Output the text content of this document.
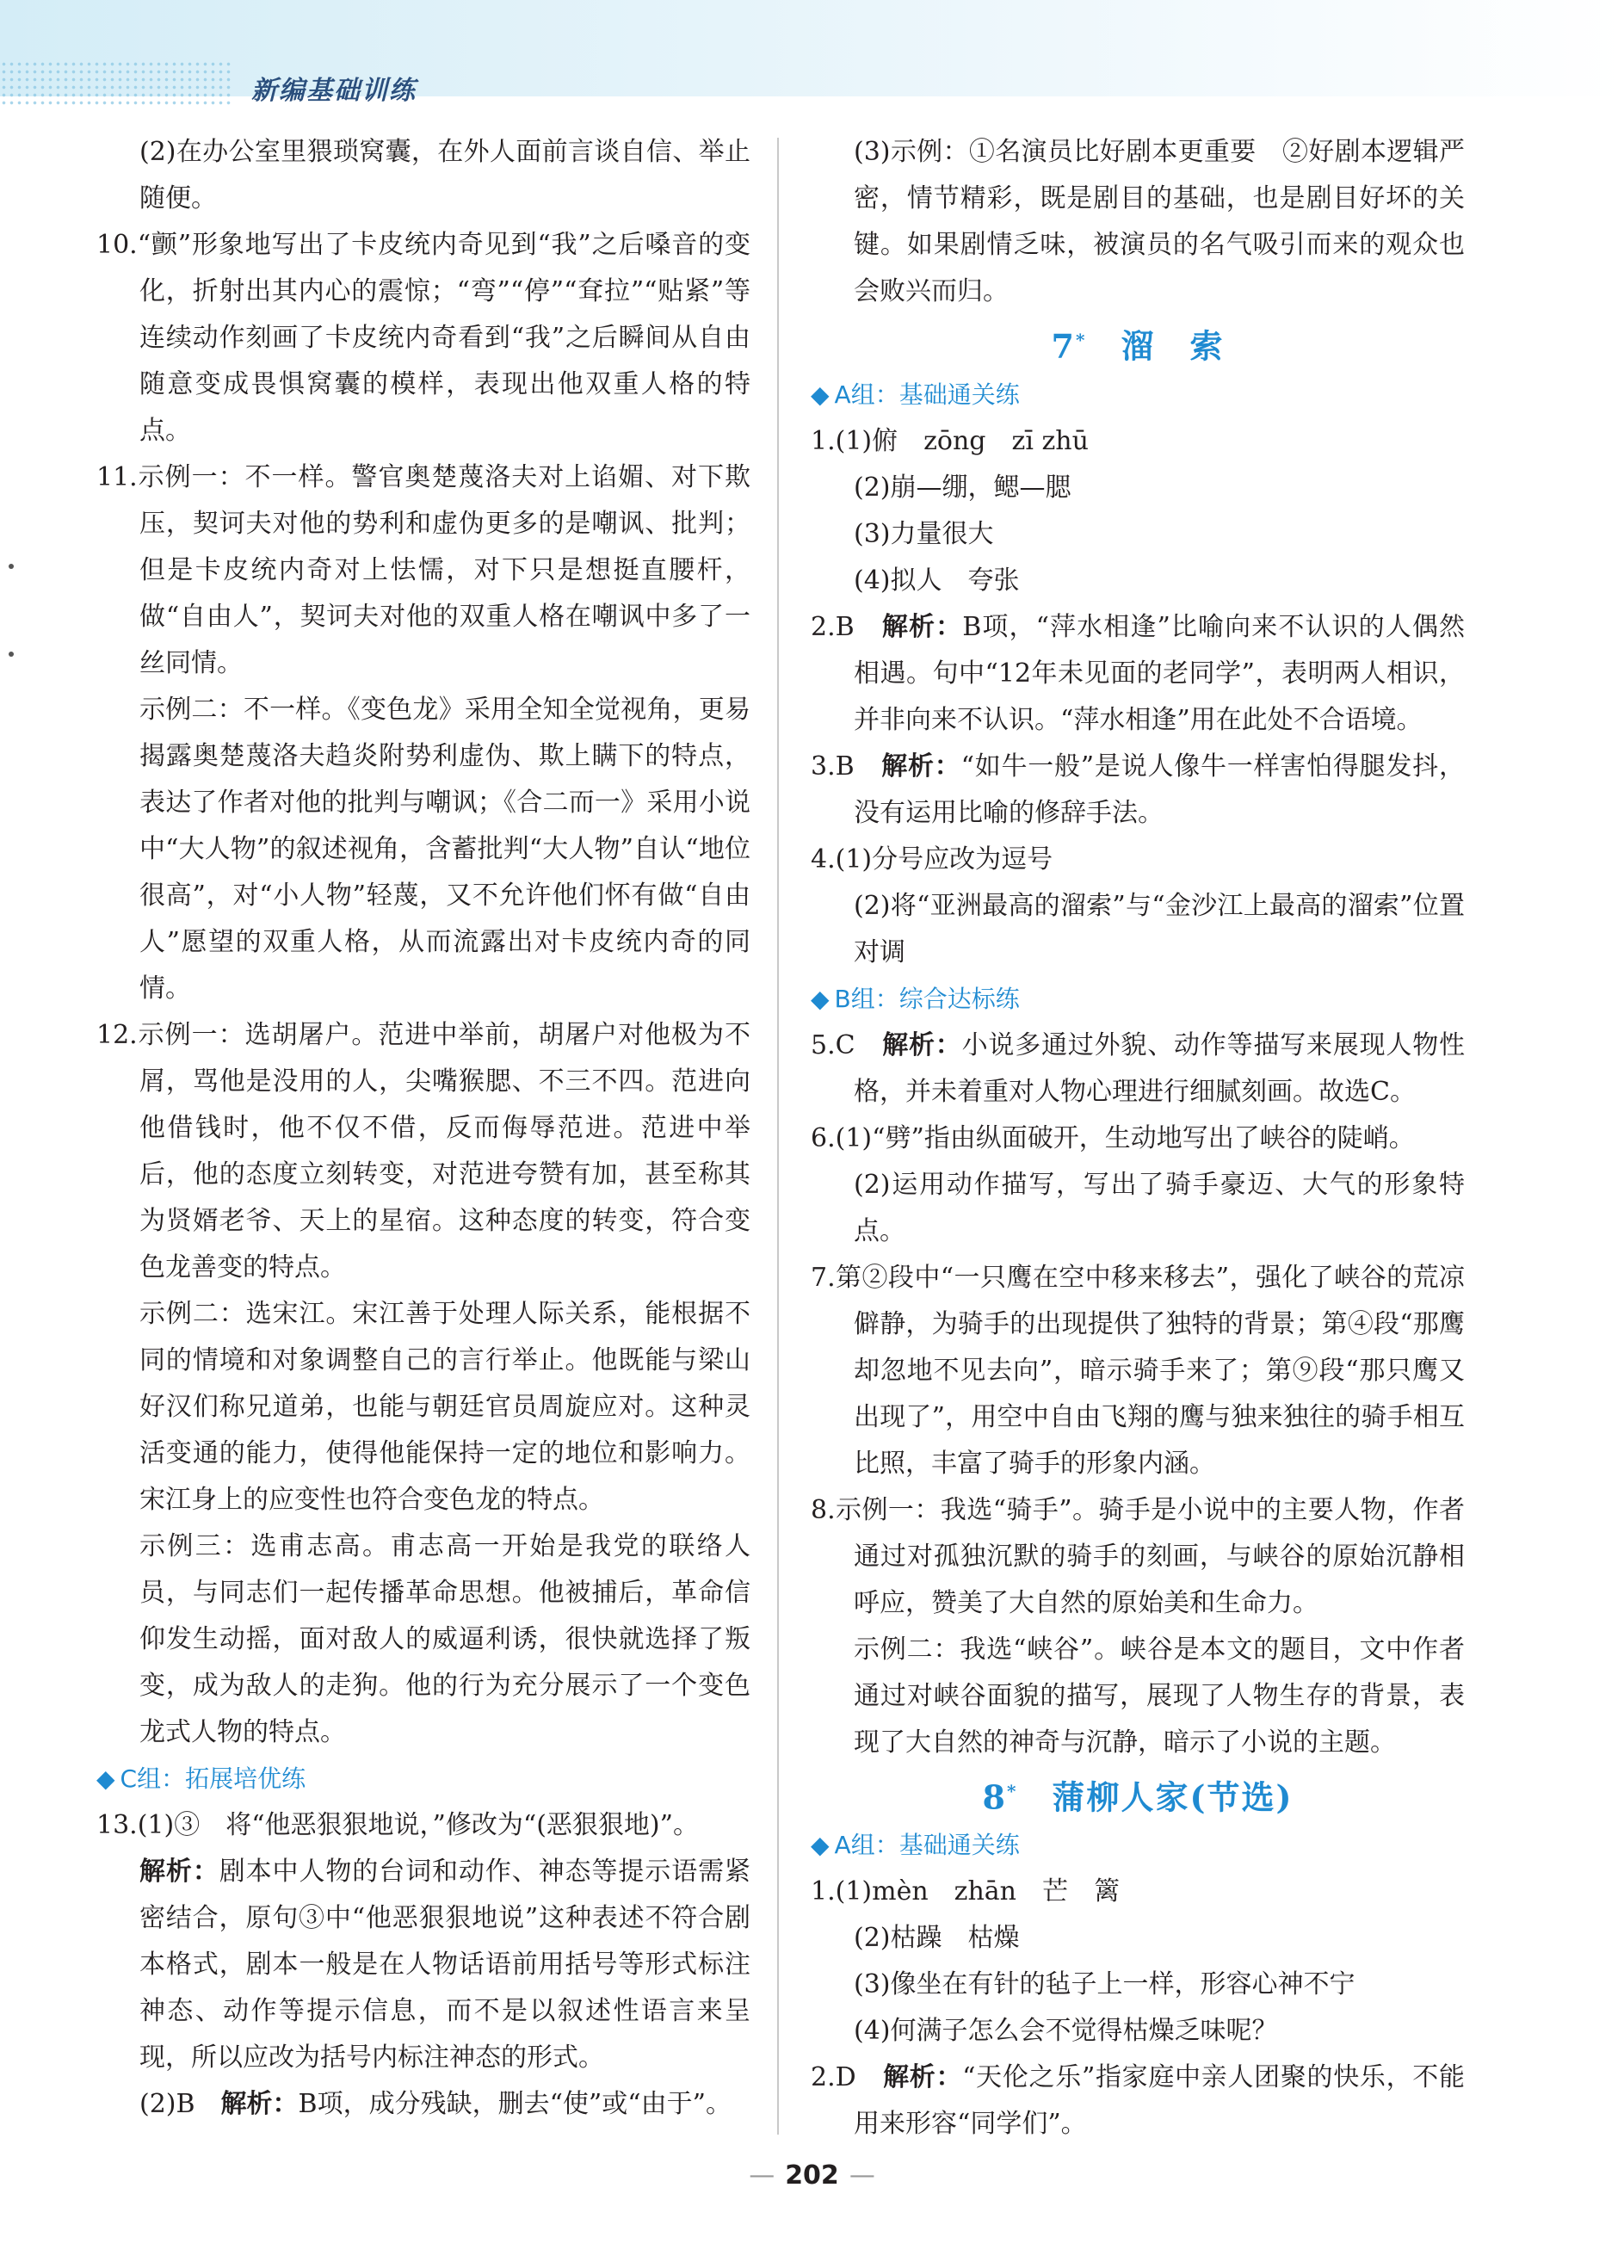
新编基础训练
(2)在办公室里猥琐窝囊，在外人面前言谈自信、举止随便。
10.“颤”形象地写出了卡皮统内奇见到“我”之后嗓音的变化，折射出其内心的震惊；“弯”“停”“耷拉”“贴紧”等连续动作刻画了卡皮统内奇看到“我”之后瞬间从自由随意变成畏惧窝囊的模样，表现出他双重人格的特点。
11.示例一：不一样。警官奥楚蔑洛夫对上谄媚、对下欺压，契诃夫对他的势利和虚伪更多的是嘲讽、批判；但是卡皮统内奇对上怯懦，对下只是想挺直腰杆，做“自由人”，契诃夫对他的双重人格在嘲讽中多了一丝同情。
示例二：不一样。《变色龙》采用全知全觉视角，更易揭露奥楚蔑洛夫趋炎附势利虚伪、欺上瞒下的特点，表达了作者对他的批判与嘲讽；《合二而一》采用小说中“大人物”的叙述视角，含蓄批判“大人物”自认“地位很高”，对“小人物”轻蔑，又不允许他们怀有做“自由人”愿望的双重人格，从而流露出对卡皮统内奇的同情。
12.示例一：选胡屠户。范进中举前，胡屠户对他极为不屑，骂他是没用的人，尖嘴猴腮、不三不四。范进向他借钱时，他不仅不借，反而侮辱范进。范进中举后，他的态度立刻转变，对范进夸赞有加，甚至称其为贤婿老爷、天上的星宿。这种态度的转变，符合变色龙善变的特点。
示例二：选宋江。宋江善于处理人际关系，能根据不同的情境和对象调整自己的言行举止。他既能与梁山好汉们称兄道弟，也能与朝廷官员周旋应对。这种灵活变通的能力，使得他能保持一定的地位和影响力。宋江身上的应变性也符合变色龙的特点。
示例三：选甫志高。甫志高一开始是我党的联络人员，与同志们一起传播革命思想。他被捕后，革命信仰发生动摇，面对敌人的威逼利诱，很快就选择了叛变，成为敌人的走狗。他的行为充分展示了一个变色龙式人物的特点。
◆ C组：拓展培优练
13.(1)③　将“他恶狠狠地说，”修改为“(恶狠狠地)”。
解析：剧本中人物的台词和动作、神态等提示语需紧密结合，原句③中“他恶狠狠地说”这种表述不符合剧本格式，剧本一般是在人物话语前用括号等形式标注神态、动作等提示信息，而不是以叙述性语言来呈现，所以应改为括号内标注神态的形式。
(2)B　解析：B项，成分残缺，删去“使”或“由于”。
(3)示例：①名演员比好剧本更重要　②好剧本逻辑严密，情节精彩，既是剧目的基础，也是剧目好坏的关键。如果剧情乏味，被演员的名气吸引而来的观众也会败兴而归。
7*　 溜　索
◆ A组：基础通关练
1.(1)俯　zōng　zī zhū
(2)崩—绷，鳃—腮
(3)力量很大
(4)拟人　夸张
2.B　解析：B项，“萍水相逢”比喻向来不认识的人偶然相遇。句中“12年未见面的老同学”，表明两人相识，并非向来不认识。“萍水相逢”用在此处不合语境。
3.B　解析：“如牛一般”是说人像牛一样害怕得腿发抖，没有运用比喻的修辞手法。
4.(1)分号应改为逗号
(2)将“亚洲最高的溜索”与“金沙江上最高的溜索”位置对调
◆ B组：综合达标练
5.C　解析：小说多通过外貌、动作等描写来展现人物性格，并未着重对人物心理进行细腻刻画。故选C。
6.(1)“劈”指由纵面破开，生动地写出了峡谷的陡峭。
(2)运用动作描写，写出了骑手豪迈、大气的形象特点。
7.第②段中“一只鹰在空中移来移去”，强化了峡谷的荒凉僻静，为骑手的出现提供了独特的背景；第④段“那鹰却忽地不见去向”，暗示骑手来了；第⑨段“那只鹰又出现了”，用空中自由飞翔的鹰与独来独往的骑手相互比照，丰富了骑手的形象内涵。
8.示例一：我选“骑手”。骑手是小说中的主要人物，作者通过对孤独沉默的骑手的刻画，与峡谷的原始沉静相呼应，赞美了大自然的原始美和生命力。
示例二：我选“峡谷”。峡谷是本文的题目，文中作者通过对峡谷面貌的描写，展现了人物生存的背景，表现了大自然的神奇与沉静，暗示了小说的主题。
8*　 蒲柳人家(节选)
◆ A组：基础通关练
1.(1)mèn　zhān　芒　篱
(2)枯躁　枯燥
(3)像坐在有针的毡子上一样，形容心神不宁
(4)何满子怎么会不觉得枯燥乏味呢？
2.D　解析：“天伦之乐”指家庭中亲人团聚的快乐，不能用来形容“同学们”。
— 202 —
